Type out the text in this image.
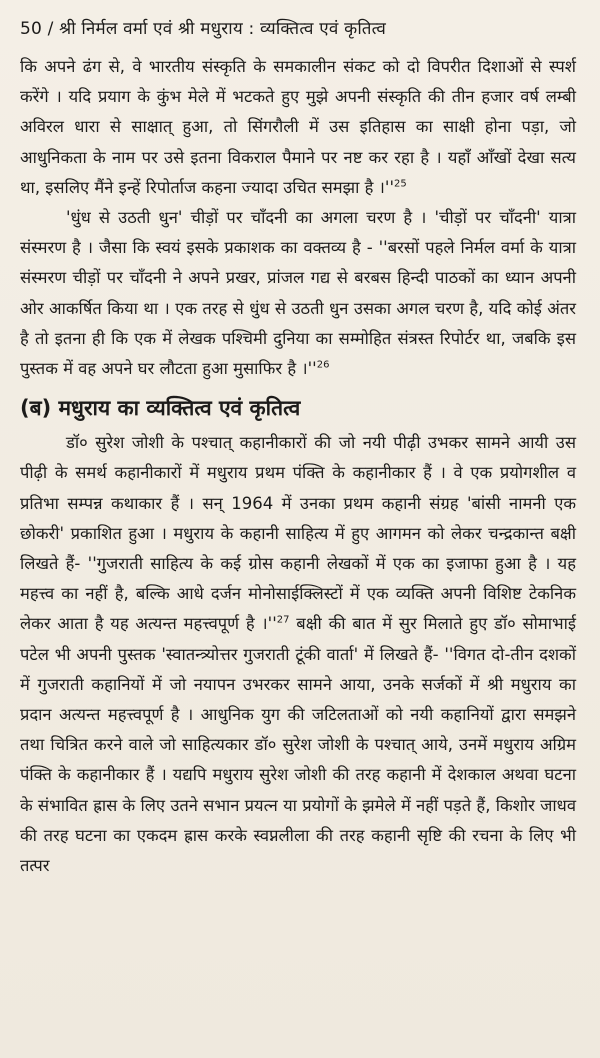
50 / श्री निर्मल वर्मा एवं श्री मधुराय : व्यक्तित्व एवं कृतित्व

कि अपने ढंग से, वे भारतीय संस्कृति के समकालीन संकट को दो विपरीत दिशाओं से स्पर्श करेंगे । यदि प्रयाग के कुंभ मेले में भटकते हुए मुझे अपनी संस्कृति की तीन हजार वर्ष लम्बी अविरल धारा से साक्षात् हुआ, तो सिंगरौली में उस इतिहास का साक्षी होना पड़ा, जो आधुनिकता के नाम पर उसे इतना विकराल पैमाने पर नष्ट कर रहा है । यहाँ आँखों देखा सत्य था, इसलिए मैंने इन्हें रिपोर्ताज कहना ज्यादा उचित समझा है $।''^{25}$

'धुंध से उठती धुन' चीड़ों पर चाँदनी का अगला चरण है । 'चीड़ों पर चाँदनी' यात्रा संस्मरण है । जैसा कि स्वयं इसके प्रकाशक का वक्तव्य है - ''बरसों पहले निर्मल वर्मा के यात्रा संस्मरण चीड़ों पर चाँदनी ने अपने प्रखर, प्रांजल गद्य से बरबस हिन्दी पाठकों का ध्यान अपनी ओर आकर्षित किया था । एक तरह से धुंध से उठती धुन उसका अगल चरण है, यदि कोई अंतर है तो इतना ही कि एक में लेखक पश्चिमी दुनिया का सम्मोहित संत्रस्त रिपोर्टर था, जबकि इस पुस्तक में वह अपने घर लौटता हुआ मुसाफिर है $।''^{26}$

(ब) मधुराय का व्यक्तित्व एवं कृतित्व

डॉ० सुरेश जोशी के पश्चात् कहानीकारों की जो नयी पीढ़ी उभकर सामने आयी उस पीढ़ी के समर्थ कहानीकारों में मधुराय प्रथम पंक्ति के कहानीकार हैं । वे एक प्रयोगशील व प्रतिभा सम्पन्न कथाकार हैं । सन् 1964 में उनका प्रथम कहानी संग्रह 'बांसी नामनी एक छोकरी' प्रकाशित हुआ । मधुराय के कहानी साहित्य में हुए आगमन को लेकर चन्द्रकान्त बक्षी लिखते हैं- ''गुजराती साहित्य के कई ग्रोस कहानी लेखकों में एक का इजाफा हुआ है । यह महत्त्व का नहीं है, बल्कि आधे दर्जन मोनोसाईक्लिस्टों में एक व्यक्ति अपनी विशिष्ट टेकनिक लेकर आता है यह अत्यन्त महत्त्वपूर्ण है $।''^{27}$ बक्षी की बात में सुर मिलाते हुए डॉ० सोमाभाई पटेल भी अपनी पुस्तक 'स्वातन्त्र्योत्तर गुजराती टूंकी वार्ता' में लिखते हैं- ''विगत दो-तीन दशकों में गुजराती कहानियों में जो नयापन उभरकर सामने आया, उनके सर्जकों में श्री मधुराय का प्रदान अत्यन्त महत्त्वपूर्ण है । आधुनिक युग की जटिलताओं को नयी कहानियों द्वारा समझने तथा चित्रित करने वाले जो साहित्यकार डॉ० सुरेश जोशी के पश्चात् आये, उनमें मधुराय अग्रिम पंक्ति के कहानीकार हैं । यद्यपि मधुराय सुरेश जोशी की तरह कहानी में देशकाल अथवा घटना के संभावित ह्रास के लिए उतने सभान प्रयत्न या प्रयोगों के झमेले में नहीं पड़ते हैं, किशोर जाधव की तरह घटना का एकदम ह्रास करके स्वप्नलीला की तरह कहानी सृष्टि की रचना के लिए भी तत्पर
